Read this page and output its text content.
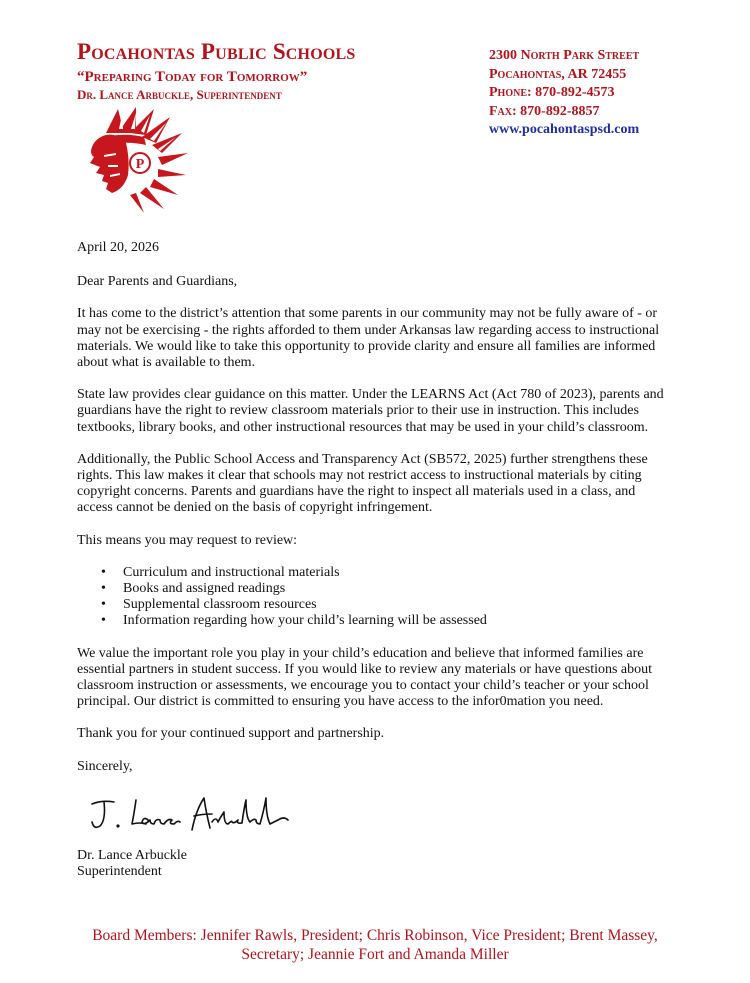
Pocahontas Public Schools
“Preparing Today for Tomorrow”
Dr. Lance Arbuckle, Superintendent
2300 North Park Street
Pocahontas, AR 72455
Phone: 870-892-4573
Fax: 870-892-8857
www.pocahontaspsd.com
P

April 20, 2026

Dear Parents and Guardians,

It has come to the district’s attention that some parents in our community may not be fully aware of - or may not be exercising - the rights afforded to them under Arkansas law regarding access to instructional materials. We would like to take this opportunity to provide clarity and ensure all families are informed about what is available to them.

State law provides clear guidance on this matter. Under the LEARNS Act (Act 780 of 2023), parents and guardians have the right to review classroom materials prior to their use in instruction. This includes textbooks, library books, and other instructional resources that may be used in your child’s classroom.

Additionally, the Public School Access and Transparency Act (SB572, 2025) further strengthens these rights. This law makes it clear that schools may not restrict access to instructional materials by citing copyright concerns. Parents and guardians have the right to inspect all materials used in a class, and access cannot be denied on the basis of copyright infringement.

This means you may request to review:

• Curriculum and instructional materials
• Books and assigned readings
• Supplemental classroom resources
• Information regarding how your child’s learning will be assessed

We value the important role you play in your child’s education and believe that informed families are essential partners in student success. If you would like to review any materials or have questions about classroom instruction or assessments, we encourage you to contact your child’s teacher or your school principal. Our district is committed to ensuring you have access to the infor0mation you need.

Thank you for your continued support and partnership.

Sincerely,

Dr. Lance Arbuckle
Superintendent
Board Members: Jennifer Rawls, President; Chris Robinson, Vice President; Brent Massey,
Secretary; Jeannie Fort and Amanda Miller
